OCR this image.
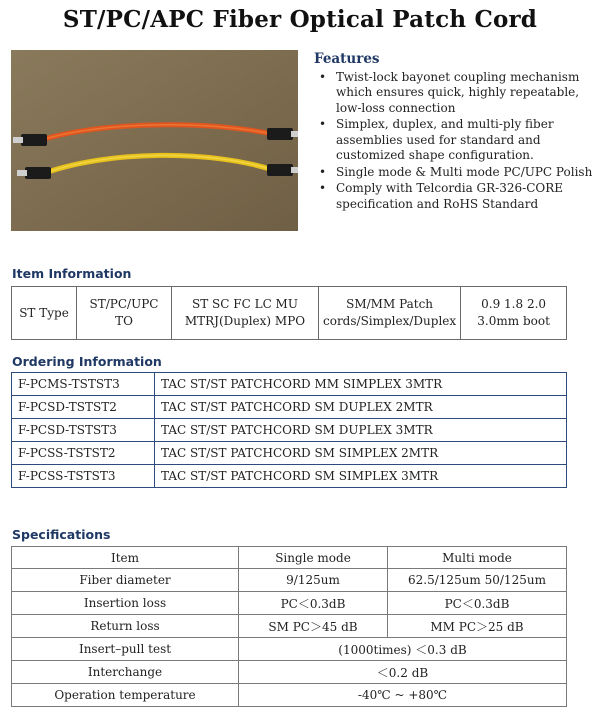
ST/PC/APC Fiber Optical Patch Cord
Features
• Twist-lock bayonet coupling mechanism which ensures quick, highly repeatable, low-loss connection
• Simplex, duplex, and multi-ply fiber assemblies used for standard and customized shape configuration.
• Single mode & Multi mode PC/UPC Polish
• Comply with Telcordia GR-326-CORE specification and RoHS Standard
Item Information
ST Type	ST/PC/UPC TO	ST SC FC LC MU MTRJ(Duplex) MPO	SM/MM Patch cords/Simplex/Duplex	0.9 1.8 2.0 3.0mm boot
Ordering Information
F-PCMS-TSTST3	TAC ST/ST PATCHCORD MM SIMPLEX 3MTR
F-PCSD-TSTST2	TAC ST/ST PATCHCORD SM DUPLEX 2MTR
F-PCSD-TSTST3	TAC ST/ST PATCHCORD SM DUPLEX 3MTR
F-PCSS-TSTST2	TAC ST/ST PATCHCORD SM SIMPLEX 2MTR
F-PCSS-TSTST3	TAC ST/ST PATCHCORD SM SIMPLEX 3MTR
Specifications
Item	Single mode	Multi mode
Fiber diameter	9/125um	62.5/125um 50/125um
Insertion loss	PC＜0.3dB	PC＜0.3dB
Return loss	SM PC＞45 dB	MM PC＞25 dB
Insert–pull test	(1000times) ＜0.3 dB	
Interchange	＜0.2 dB	
Operation temperature	-40℃ ~ +80℃	
